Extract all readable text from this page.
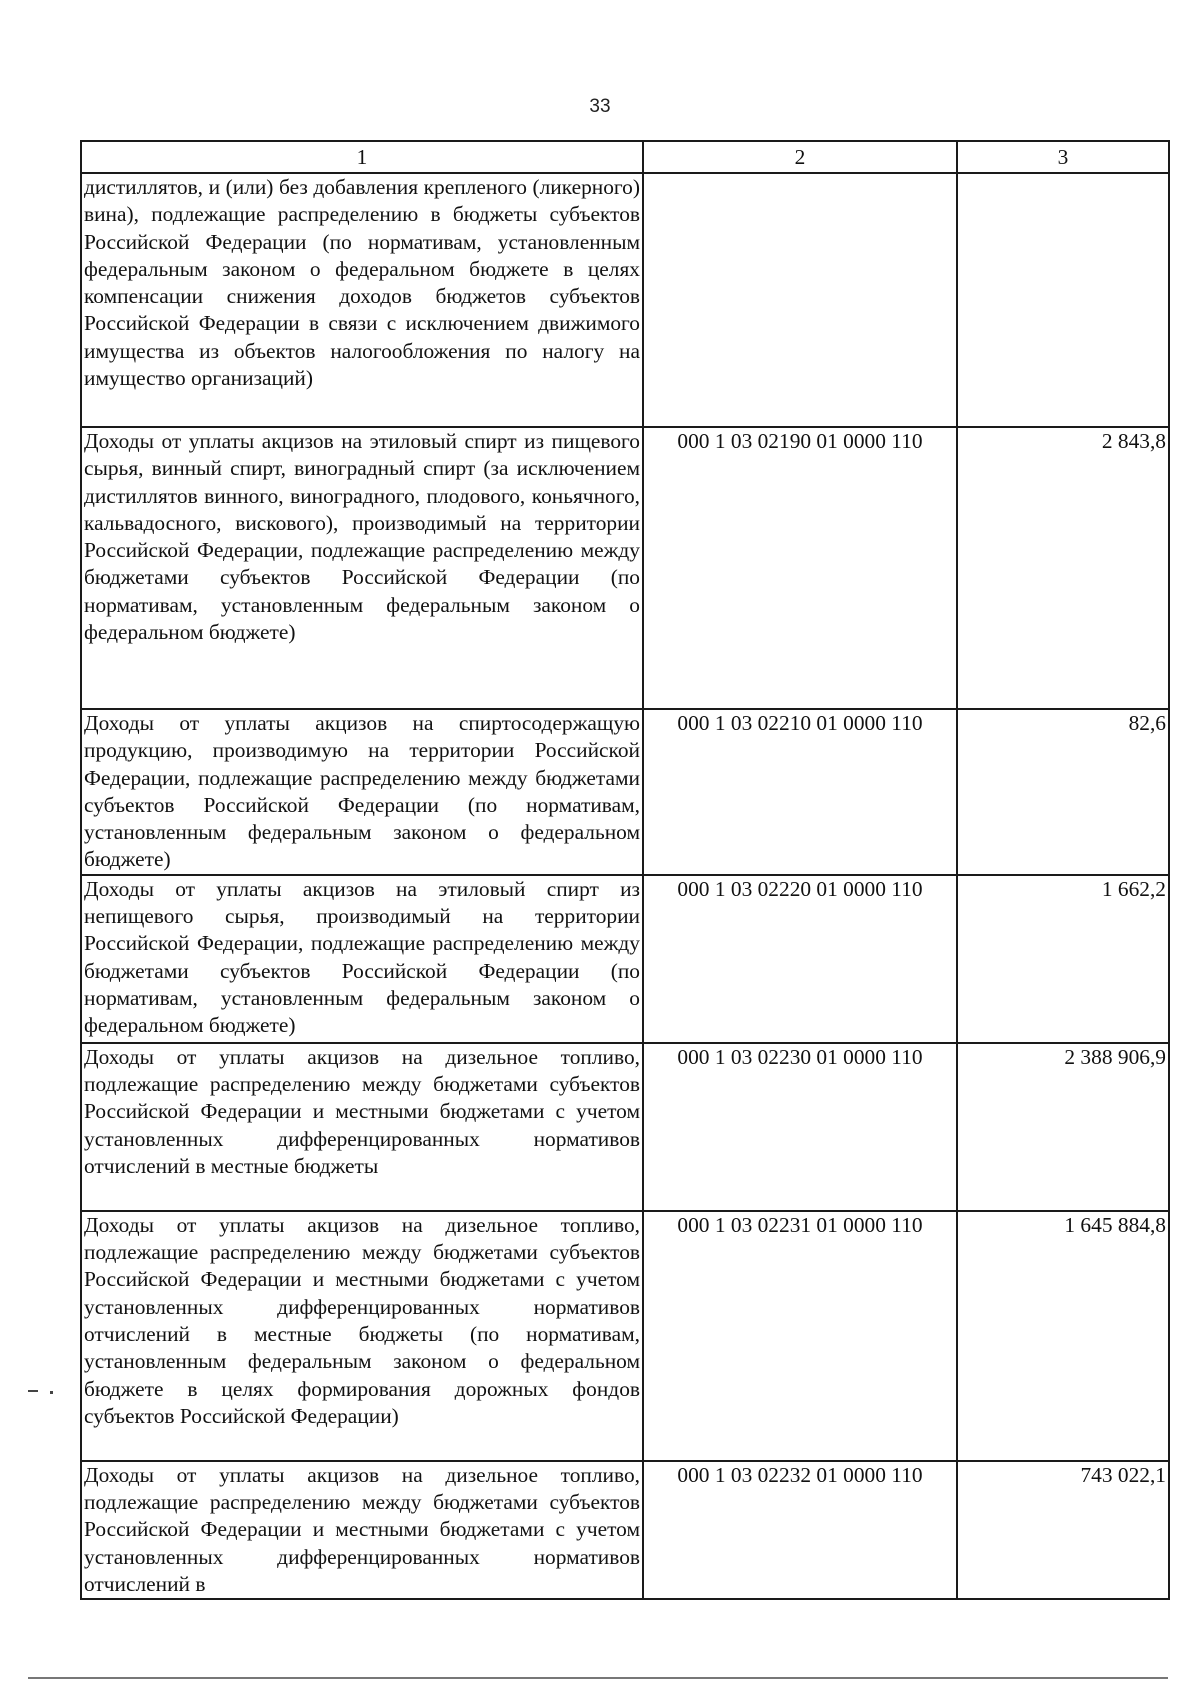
33
1	2	3
дистиллятов, и (или) без добавления крепленого (ликерного) вина), подлежащие распределению в бюджеты субъектов Российской Федерации (по нормативам, установленным федеральным законом о федеральном бюджете в целях компенсации снижения доходов бюджетов субъектов Российской Федерации в связи с исключением движимого имущества из объектов налогообложения по налогу на имущество организаций)		
Доходы от уплаты акцизов на этиловый спирт из пищевого сырья, винный спирт, виноградный спирт (за исключением дистиллятов винного, виноградного, плодового, коньячного, кальвадосного, вискового), производимый на территории Российской Федерации, подлежащие распределению между бюджетами субъектов Российской Федерации (по нормативам, установленным федеральным законом о федеральном бюджете)	000 1 03 02190 01 0000 110	2 843,8
Доходы от уплаты акцизов на спиртосодержащую продукцию, производимую на территории Российской Федерации, подлежащие распределению между бюджетами субъектов Российской Федерации (по нормативам, установленным федеральным законом о федеральном бюджете)	000 1 03 02210 01 0000 110	82,6
Доходы от уплаты акцизов на этиловый спирт из непищевого сырья, производимый на территории Российской Федерации, подлежащие распределению между бюджетами субъектов Российской Федерации (по нормативам, установленным федеральным законом о федеральном бюджете)	000 1 03 02220 01 0000 110	1 662,2
Доходы от уплаты акцизов на дизельное топливо, подлежащие распределению между бюджетами субъектов Российской Федерации и местными бюджетами с учетом установленных дифференцированных нормативов отчислений в местные бюджеты	000 1 03 02230 01 0000 110	2 388 906,9
Доходы от уплаты акцизов на дизельное топливо, подлежащие распределению между бюджетами субъектов Российской Федерации и местными бюджетами с учетом установленных дифференцированных нормативов отчислений в местные бюджеты (по нормативам, установленным федеральным законом о федеральном бюджете в целях формирования дорожных фондов субъектов Российской Федерации)	000 1 03 02231 01 0000 110	1 645 884,8
Доходы от уплаты акцизов на дизельное топливо, подлежащие распределению между бюджетами субъектов Российской Федерации и местными бюджетами с учетом установленных дифференцированных нормативов отчислений в	000 1 03 02232 01 0000 110	743 022,1
